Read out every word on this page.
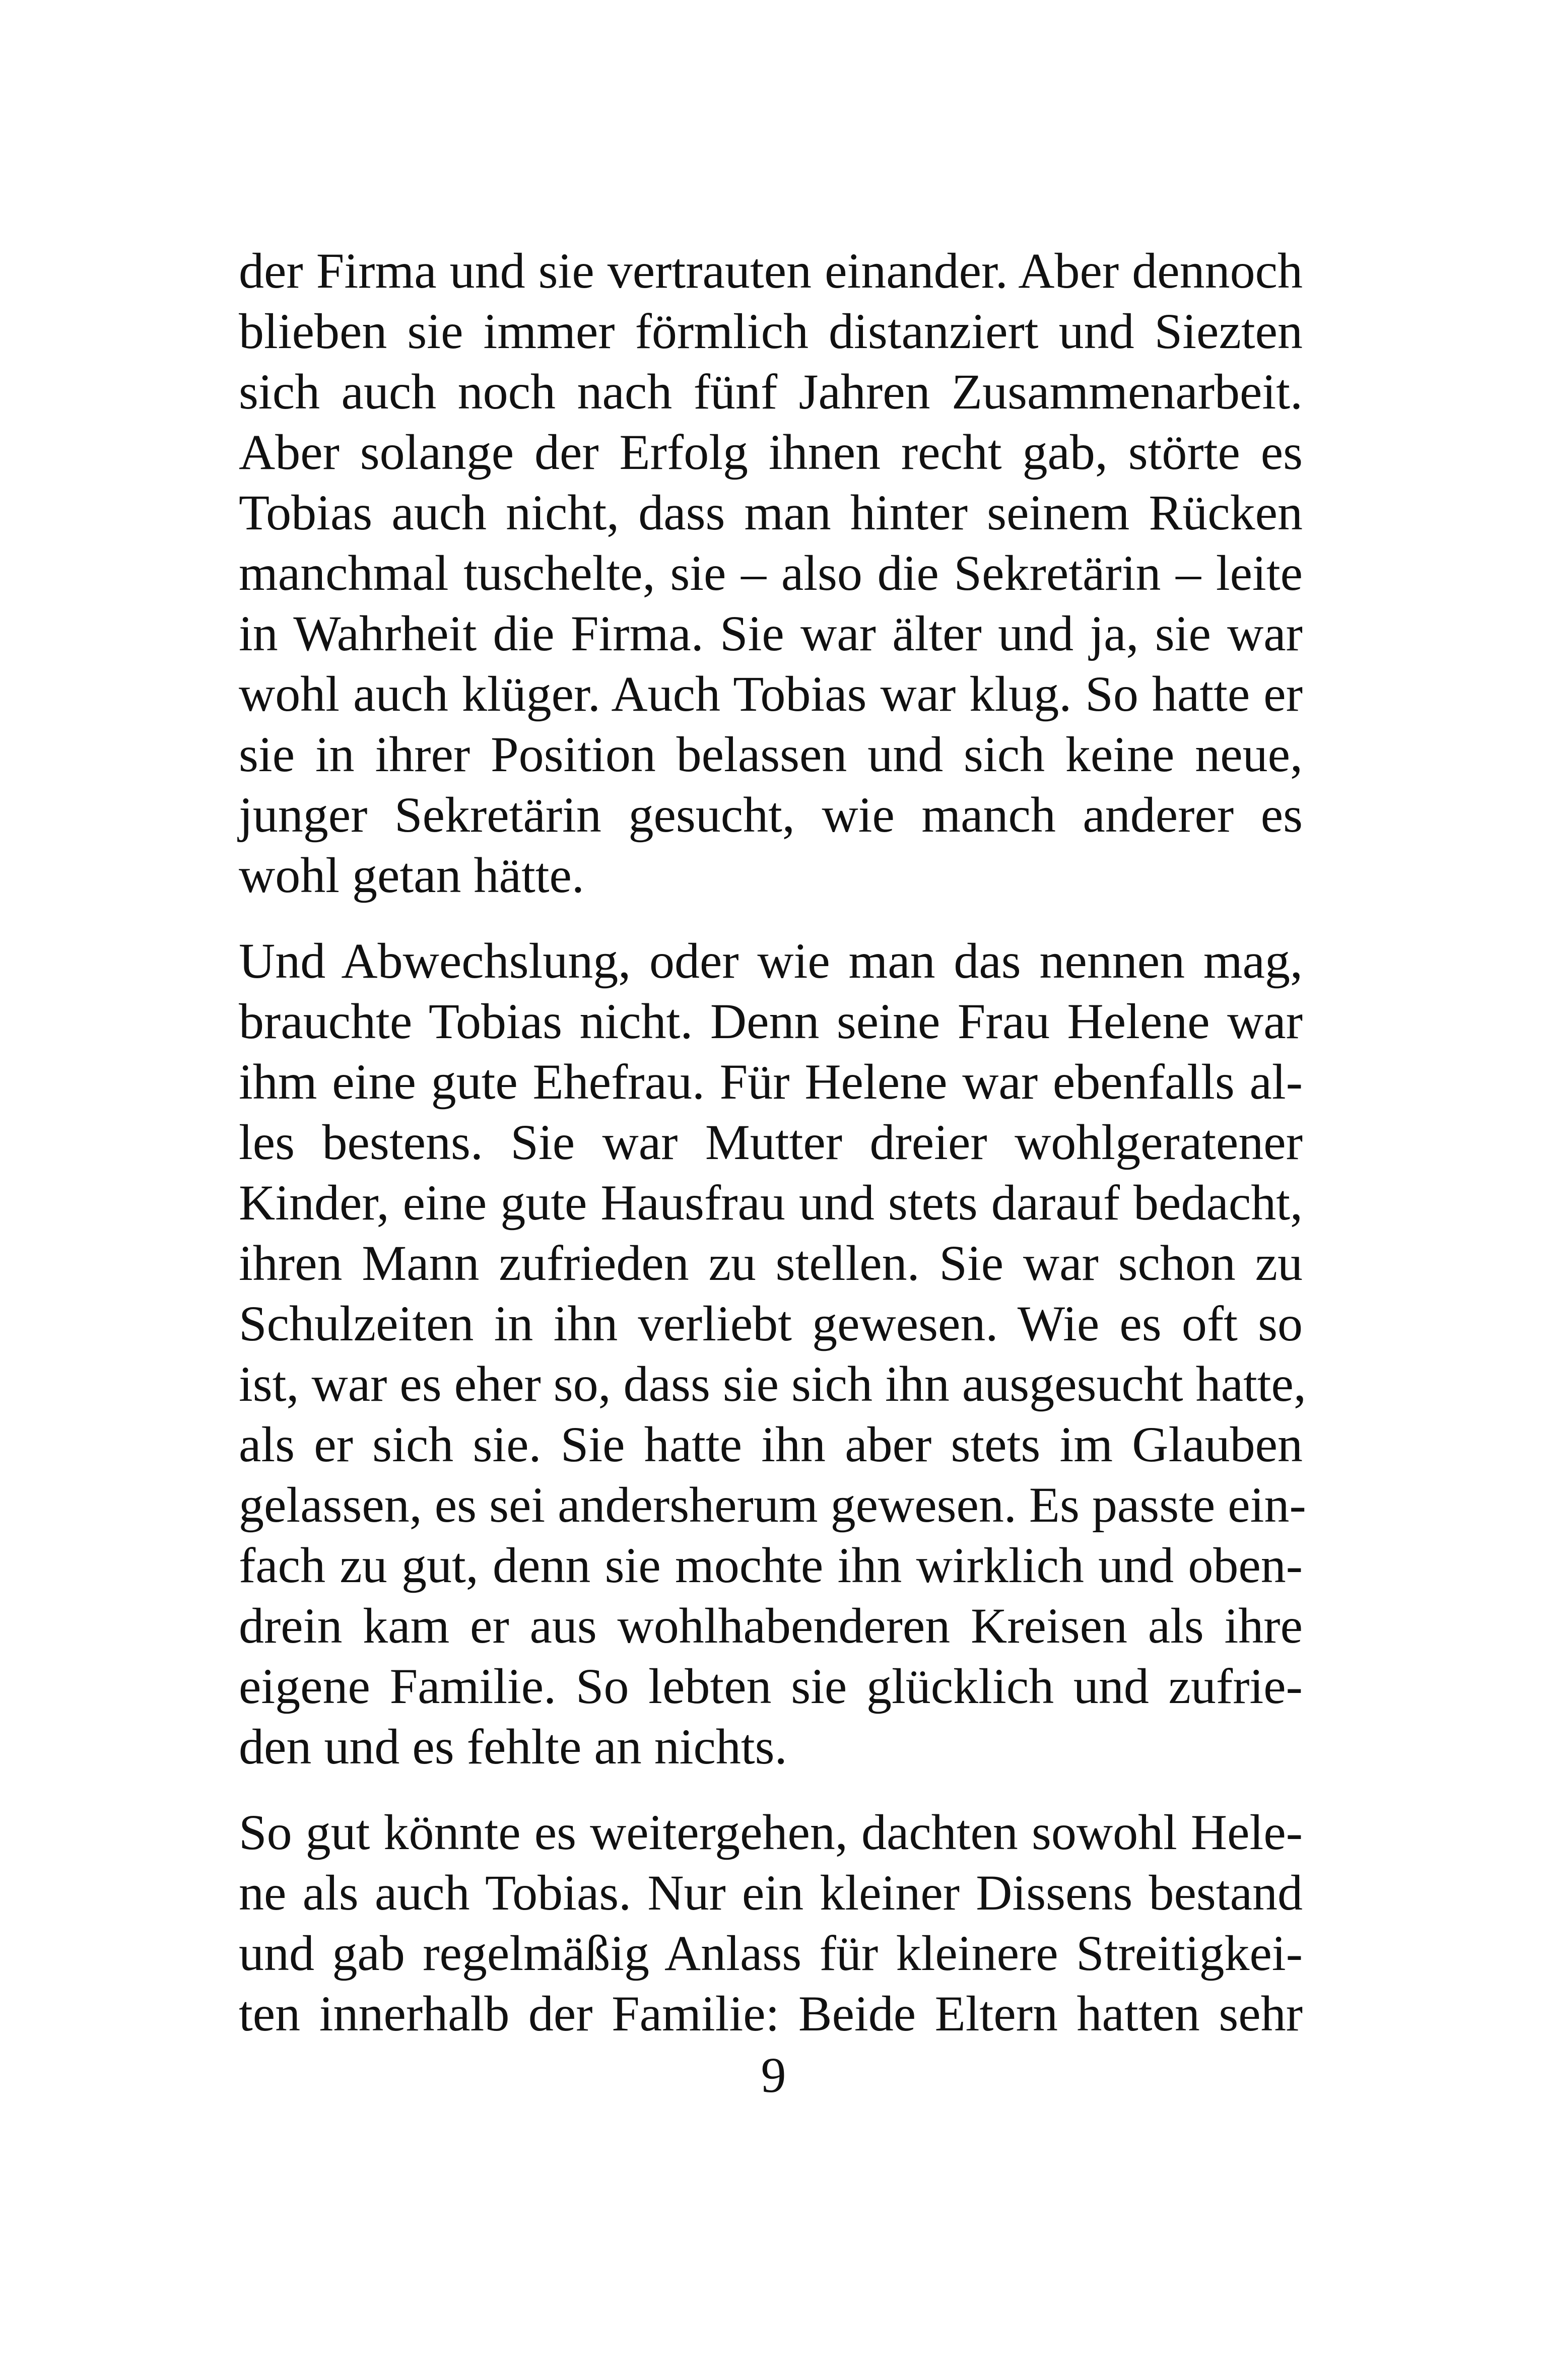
der Firma und sie vertrauten einander. Aber dennoch
blieben sie immer förmlich distanziert und Siezten
sich auch noch nach fünf Jahren Zusammenarbeit.
Aber solange der Erfolg ihnen recht gab, störte es
Tobias auch nicht, dass man hinter seinem Rücken
manchmal tuschelte, sie – also die Sekretärin – leite
in Wahrheit die Firma. Sie war älter und ja, sie war
wohl auch klüger. Auch Tobias war klug. So hatte er
sie in ihrer Position belassen und sich keine neue,
junger Sekretärin gesucht, wie manch anderer es
wohl getan hätte.
Und Abwechslung, oder wie man das nennen mag,
brauchte Tobias nicht. Denn seine Frau Helene war
ihm eine gute Ehefrau. Für Helene war ebenfalls al-
les bestens. Sie war Mutter dreier wohlgeratener
Kinder, eine gute Hausfrau und stets darauf bedacht,
ihren Mann zufrieden zu stellen. Sie war schon zu
Schulzeiten in ihn verliebt gewesen. Wie es oft so
ist, war es eher so, dass sie sich ihn ausgesucht hatte,
als er sich sie. Sie hatte ihn aber stets im Glauben
gelassen, es sei andersherum gewesen. Es passte ein-
fach zu gut, denn sie mochte ihn wirklich und oben-
drein kam er aus wohlhabenderen Kreisen als ihre
eigene Familie. So lebten sie glücklich und zufrie-
den und es fehlte an nichts.
So gut könnte es weitergehen, dachten sowohl Hele-
ne als auch Tobias. Nur ein kleiner Dissens bestand
und gab regelmäßig Anlass für kleinere Streitigkei-
ten innerhalb der Familie: Beide Eltern hatten sehr
9
